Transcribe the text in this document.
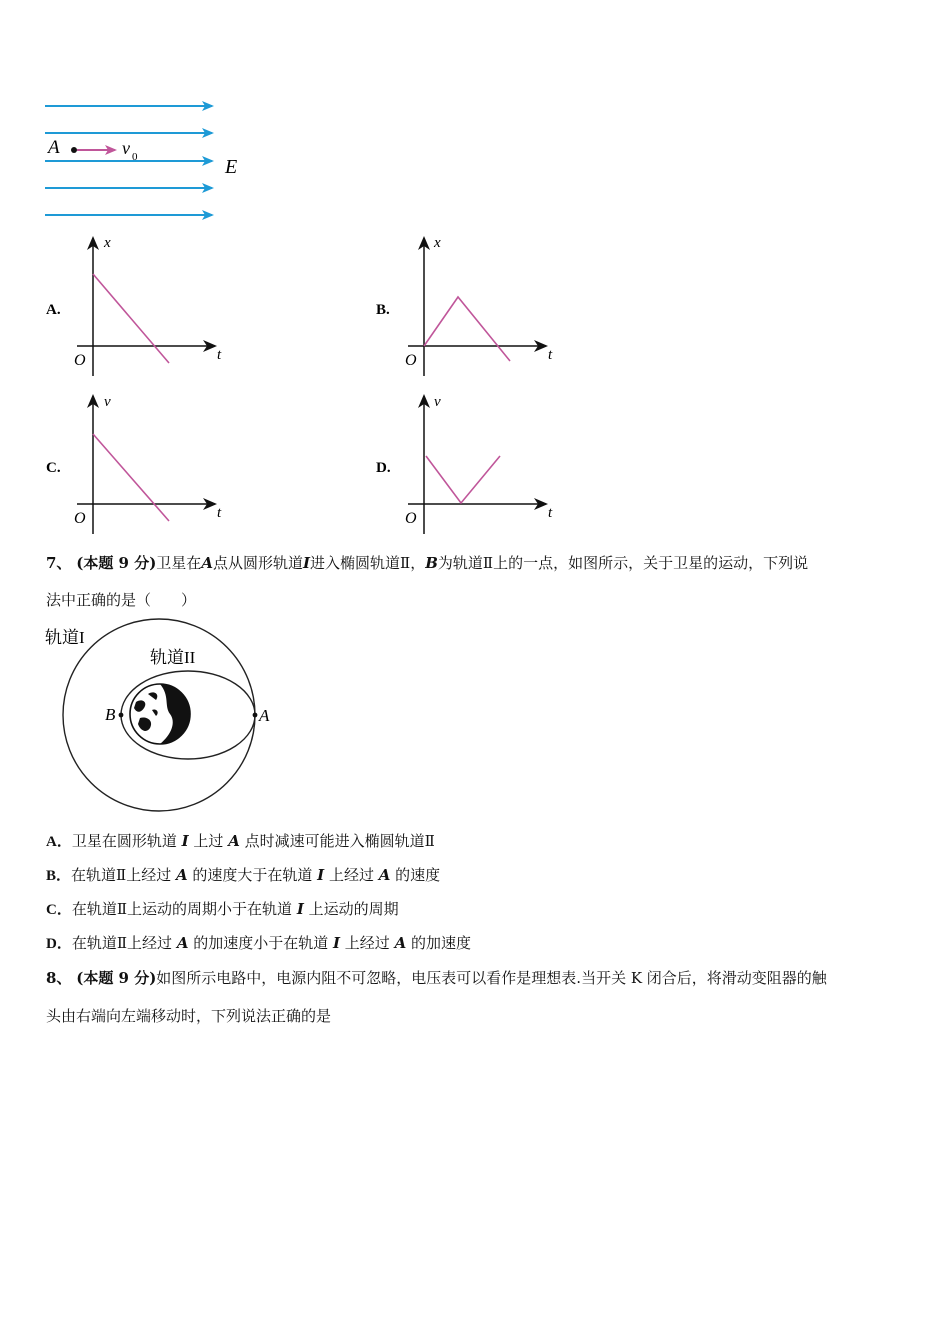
A	v 0	E
A.
x
t
O
B.
x
t
O
C.
v
t
O
D.
v
t
O
7、 (本题 9 分)卫星在A点从圆形轨道I进入椭圆轨道Ⅱ，B为轨道Ⅱ上的一点，如图所示，关于卫星的运动，下列说
法中正确的是（　　）
轨道I
轨道II
B	A
A．卫星在圆形轨道 I 上过 A 点时减速可能进入椭圆轨道Ⅱ
B．在轨道Ⅱ上经过 A 的速度大于在轨道 I 上经过 A 的速度
C．在轨道Ⅱ上运动的周期小于在轨道 I 上运动的周期
D．在轨道Ⅱ上经过 A 的加速度小于在轨道 I 上经过 A 的加速度
8、 (本题 9 分)如图所示电路中，电源内阻不可忽略，电压表可以看作是理想表.当开关 K 闭合后，将滑动变阻器的触
头由右端向左端移动时，下列说法正确的是
